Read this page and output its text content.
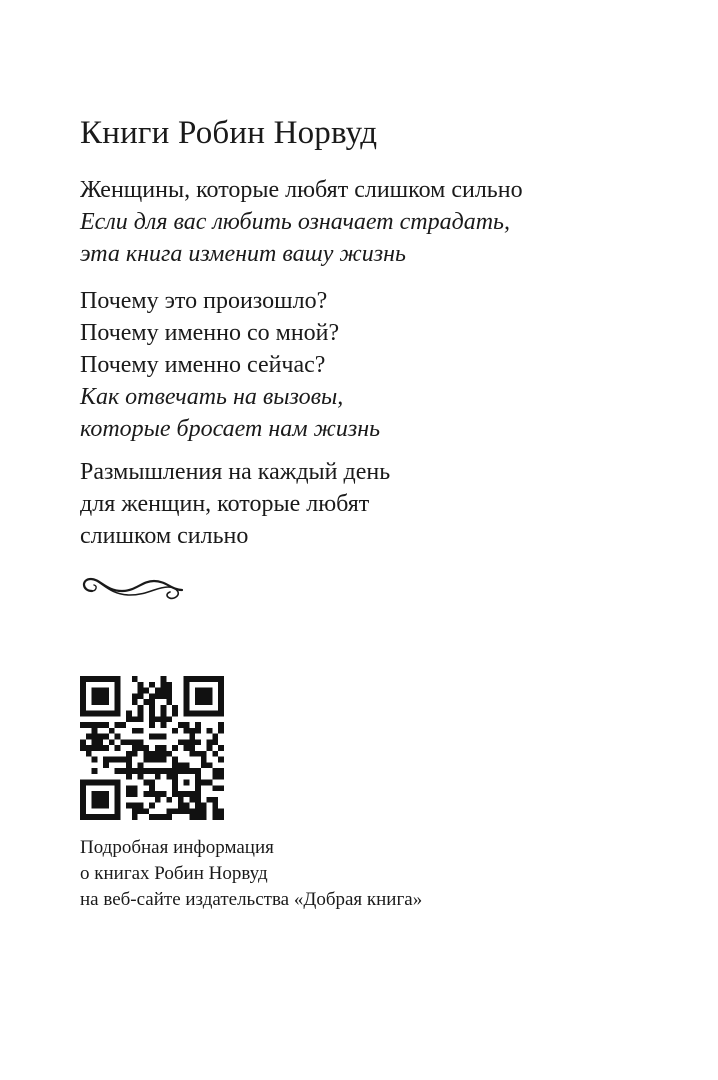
Книги Робин Норвуд
Женщины, которые любят слишком сильно
Если для вас любить означает страдать,
эта книга изменит вашу жизнь
Почему это произошло?
Почему именно со мной?
Почему именно сейчас?
Как отвечать на вызовы,
которые бросает нам жизнь
Размышления на каждый день
для женщин, которые любят
слишком сильно
Подробная информация
о книгах Робин Норвуд
на веб-сайте издательства «Добрая книга»
